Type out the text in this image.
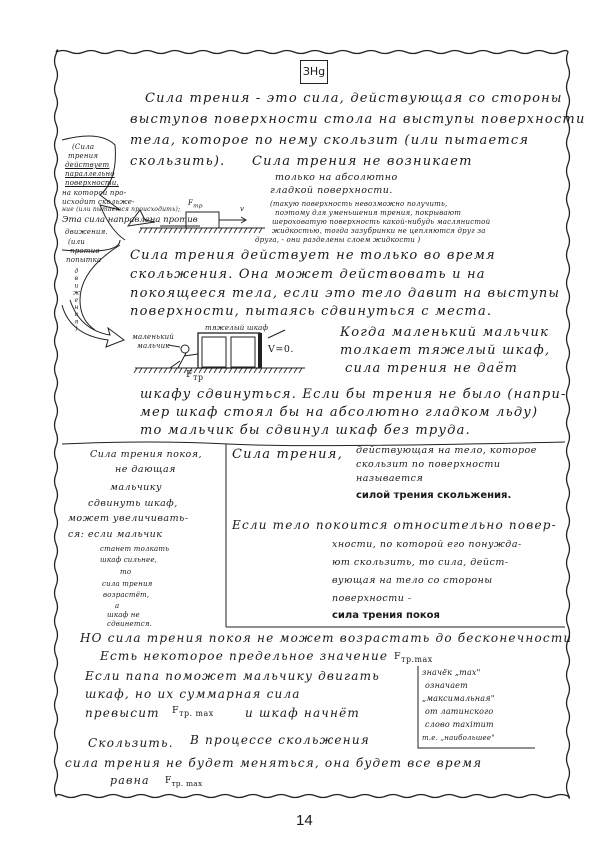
ЗНg
Сила трения - это сила, действующая со стороны
выступов поверхности стола на выступы поверхности
тела, которое по нему скользит (или пытается
скользить). Сила трения не возникает
только на абсолютно
гладкой поверхности.
(такую поверхность невозможно получить,
поэтому для уменьшения трения, покрывают
шероховатую поверхность какой-нибудь маслянистой
жидкостью, тогда зазубринки не цепляются друг за
друга, - они разделены слоем жидкости )
(Сила
трения
действует
параллельно
поверхности,
на которой про-
исходит скольже-
ние (или пытается происходить);
Эта сила направлена против
движения.
(или
против
попытка
движения)
$F_{тр}$	v
Сила трения действует не только во время
скольжения. Она может действовать и на
покоящееся тела, если это тело давит на выступы
поверхности, пытаясь сдвинуться с места.
тяжелый шкаф
маленький
мальчик	V=0.
$F_{тр}$
Когда маленький мальчик
толкает тяжелый шкаф,
сила трения не даёт
шкафу сдвинуться. Если бы трения не было (напри-
мер шкаф стоял бы на абсолютно гладком льду)
то мальчик бы сдвинул шкаф без труда.
Сила трения покоя,
не дающая
мальчику
сдвинуть шкаф,
может увеличивать-
ся: если мальчик
станет толкать
шкаф сильнее,
то
сила трения
возрастёт,
а
шкаф не
сдвинется.
Сила трения, действующая на тело, которое
скользит по поверхности
называется
силой трения скольжения.
Если тело покоится относительно повер-
хности, по которой его понужда-
ют скользить, то сила, дейст-
вующая на тело со стороны
поверхности -
сила трения покоя
НО сила трения покоя не может возрастать до бесконечности
Есть некоторое предельное значение $F_{тр.max}$
Если папа поможет мальчику двигать
шкаф, но их суммарная сила
превысит $F_{тр. max}$	и шкаф начнёт
Скользить. В процессе скольжения
сила трения не будет меняться, она будет все время
равна $F_{тр. max}$
значёк „max"
означает
„максимальная"
от латинского
слово maximum
т.е. „наибольшее"
14
